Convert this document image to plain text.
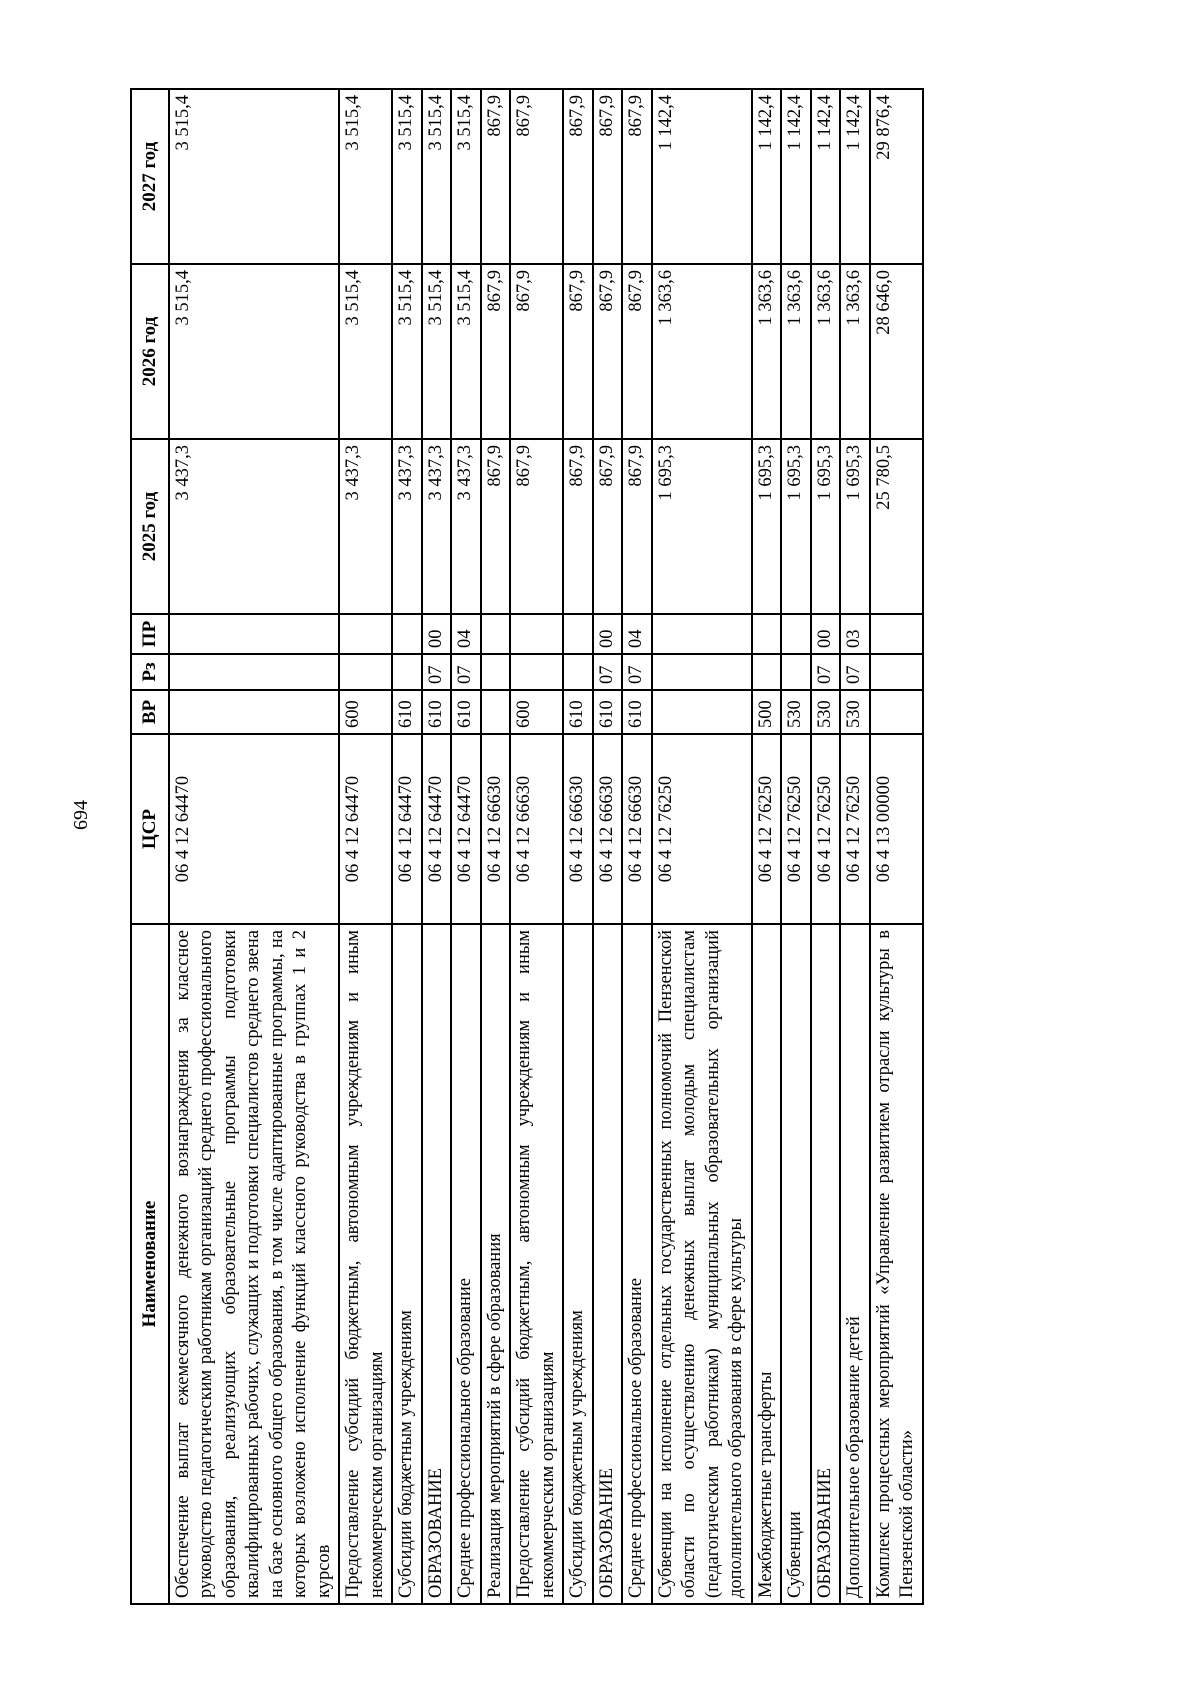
694
Наименование	ЦСР	ВР	Рз	ПР	2025 год	2026 год	2027 год
Обеспечение выплат ежемесячного денежного вознаграждения за классное руководство педагогическим работникам организаций среднего профессионального образования, реализующих образовательные программы подготовки квалифицированных рабочих, служащих и подготовки специалистов среднего звена на базе основного общего образования, в том числе адаптированные программы, на которых возложено исполнение функций классного руководства в группах 1 и 2 курсов	06 4 12 64470				3 437,3	3 515,4	3 515,4
Предоставление субсидий бюджетным, автономным учреждениям и иным некоммерческим организациям	06 4 12 64470	600			3 437,3	3 515,4	3 515,4
Субсидии бюджетным учреждениям	06 4 12 64470	610			3 437,3	3 515,4	3 515,4
ОБРАЗОВАНИЕ	06 4 12 64470	610	07	00	3 437,3	3 515,4	3 515,4
Среднее профессиональное образование	06 4 12 64470	610	07	04	3 437,3	3 515,4	3 515,4
Реализация мероприятий в сфере образования	06 4 12 66630				867,9	867,9	867,9
Предоставление субсидий бюджетным, автономным учреждениям и иным некоммерческим организациям	06 4 12 66630	600			867,9	867,9	867,9
Субсидии бюджетным учреждениям	06 4 12 66630	610			867,9	867,9	867,9
ОБРАЗОВАНИЕ	06 4 12 66630	610	07	00	867,9	867,9	867,9
Среднее профессиональное образование	06 4 12 66630	610	07	04	867,9	867,9	867,9
Субвенции на исполнение отдельных государственных полномочий Пензенской области по осуществлению денежных выплат молодым специалистам (педагогическим работникам) муниципальных образовательных организаций дополнительного образования в сфере культуры	06 4 12 76250				1 695,3	1 363,6	1 142,4
Межбюджетные трансферты	06 4 12 76250	500			1 695,3	1 363,6	1 142,4
Субвенции	06 4 12 76250	530			1 695,3	1 363,6	1 142,4
ОБРАЗОВАНИЕ	06 4 12 76250	530	07	00	1 695,3	1 363,6	1 142,4
Дополнительное образование детей	06 4 12 76250	530	07	03	1 695,3	1 363,6	1 142,4
Комплекс процессных мероприятий «Управление развитием отрасли культуры в Пензенской области»	06 4 13 00000				25 780,5	28 646,0	29 876,4
